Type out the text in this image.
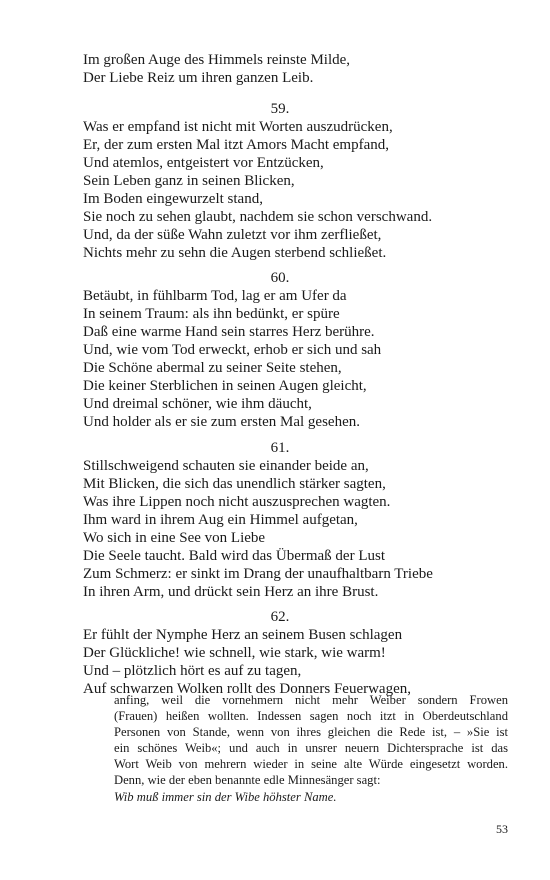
Im großen Auge des Himmels reinste Milde,
Der Liebe Reiz um ihren ganzen Leib.
59.
Was er empfand ist nicht mit Worten auszudrücken,
Er, der zum ersten Mal itzt Amors Macht empfand,
Und atemlos, entgeistert vor Entzücken,
Sein Leben ganz in seinen Blicken,
Im Boden eingewurzelt stand,
Sie noch zu sehen glaubt, nachdem sie schon verschwand.
Und, da der süße Wahn zuletzt vor ihm zerfließet,
Nichts mehr zu sehn die Augen sterbend schließet.
60.
Betäubt, in fühlbarm Tod, lag er am Ufer da
In seinem Traum: als ihn bedünkt, er spüre
Daß eine warme Hand sein starres Herz berühre.
Und, wie vom Tod erweckt, erhob er sich und sah
Die Schöne abermal zu seiner Seite stehen,
Die keiner Sterblichen in seinen Augen gleicht,
Und dreimal schöner, wie ihm däucht,
Und holder als er sie zum ersten Mal gesehen.
61.
Stillschweigend schauten sie einander beide an,
Mit Blicken, die sich das unendlich stärker sagten,
Was ihre Lippen noch nicht auszusprechen wagten.
Ihm ward in ihrem Aug ein Himmel aufgetan,
Wo sich in eine See von Liebe
Die Seele taucht. Bald wird das Übermaß der Lust
Zum Schmerz: er sinkt im Drang der unaufhaltbarn Triebe
In ihren Arm, und drückt sein Herz an ihre Brust.
62.
Er fühlt der Nymphe Herz an seinem Busen schlagen
Der Glückliche! wie schnell, wie stark, wie warm!
Und – plötzlich hört es auf zu tagen,
Auf schwarzen Wolken rollt des Donners Feuerwagen,

anfing, weil die vornehmern nicht mehr Weiber sondern Frowen

(Frauen) heißen wollten. Indessen sagen noch itzt in Oberdeutschland

Personen von Stande, wenn von ihres gleichen die Rede ist, – »Sie ist

ein schönes Weib«; und auch in unsrer neuern Dichtersprache ist das

Wort Weib von mehrern wieder in seine alte Würde eingesetzt worden.

Denn, wie der eben benannte edle Minnesänger sagt:

Wib muß immer sin der Wibe höhster Name.

53
